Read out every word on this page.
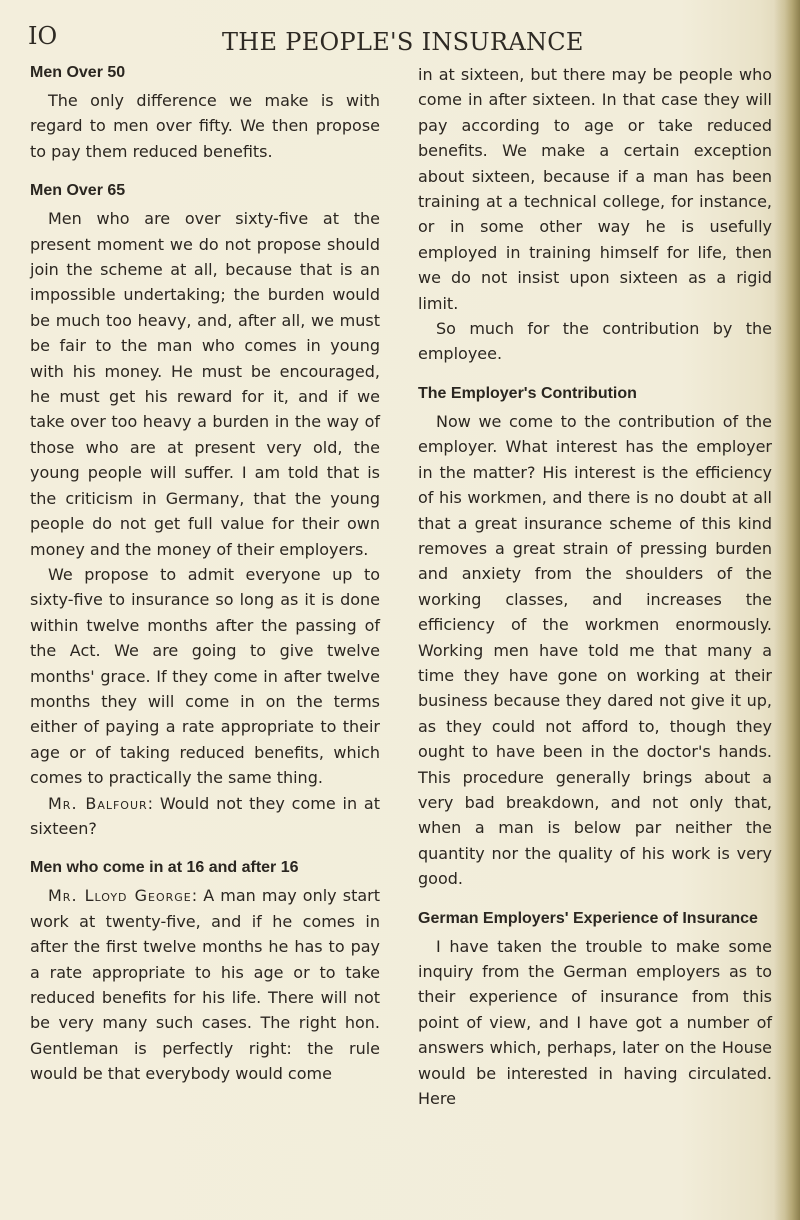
IO	THE PEOPLE'S INSURANCE
Men Over 50

The only difference we make is with regard to men over fifty. We then propose to pay them reduced benefits.

Men Over 65

Men who are over sixty-five at the present moment we do not propose should join the scheme at all, because that is an impossible undertaking; the burden would be much too heavy, and, after all, we must be fair to the man who comes in young with his money. He must be encouraged, he must get his reward for it, and if we take over too heavy a burden in the way of those who are at present very old, the young people will suffer. I am told that is the criticism in Germany, that the young people do not get full value for their own money and the money of their employers.

We propose to admit everyone up to sixty-five to insurance so long as it is done within twelve months after the passing of the Act. We are going to give twelve months' grace. If they come in after twelve months they will come in on the terms either of paying a rate appropriate to their age or of taking reduced benefits, which comes to practically the same thing.

Mr. Balfour: Would not they come in at sixteen?

Men who come in at 16 and after 16

Mr. Lloyd George: A man may only start work at twenty-five, and if he comes in after the first twelve months he has to pay a rate appropriate to his age or to take reduced benefits for his life. There will not be very many such cases. The right hon. Gentleman is perfectly right: the rule would be that everybody would come

in at sixteen, but there may be people who come in after sixteen. In that case they will pay according to age or take reduced benefits. We make a certain exception about sixteen, because if a man has been training at a technical college, for instance, or in some other way he is usefully employed in training himself for life, then we do not insist upon sixteen as a rigid limit.

So much for the contribution by the employee.

The Employer's Contribution

Now we come to the contribution of the employer. What interest has the employer in the matter? His interest is the efficiency of his workmen, and there is no doubt at all that a great insurance scheme of this kind removes a great strain of pressing burden and anxiety from the shoulders of the working classes, and increases the efficiency of the workmen enormously. Working men have told me that many a time they have gone on working at their business because they dared not give it up, as they could not afford to, though they ought to have been in the doctor's hands. This procedure generally brings about a very bad breakdown, and not only that, when a man is below par neither the quantity nor the quality of his work is very good.

German Employers' Experience of Insurance

I have taken the trouble to make some inquiry from the German employers as to their experience of insurance from this point of view, and I have got a number of answers which, perhaps, later on the House would be interested in having circulated. Here
